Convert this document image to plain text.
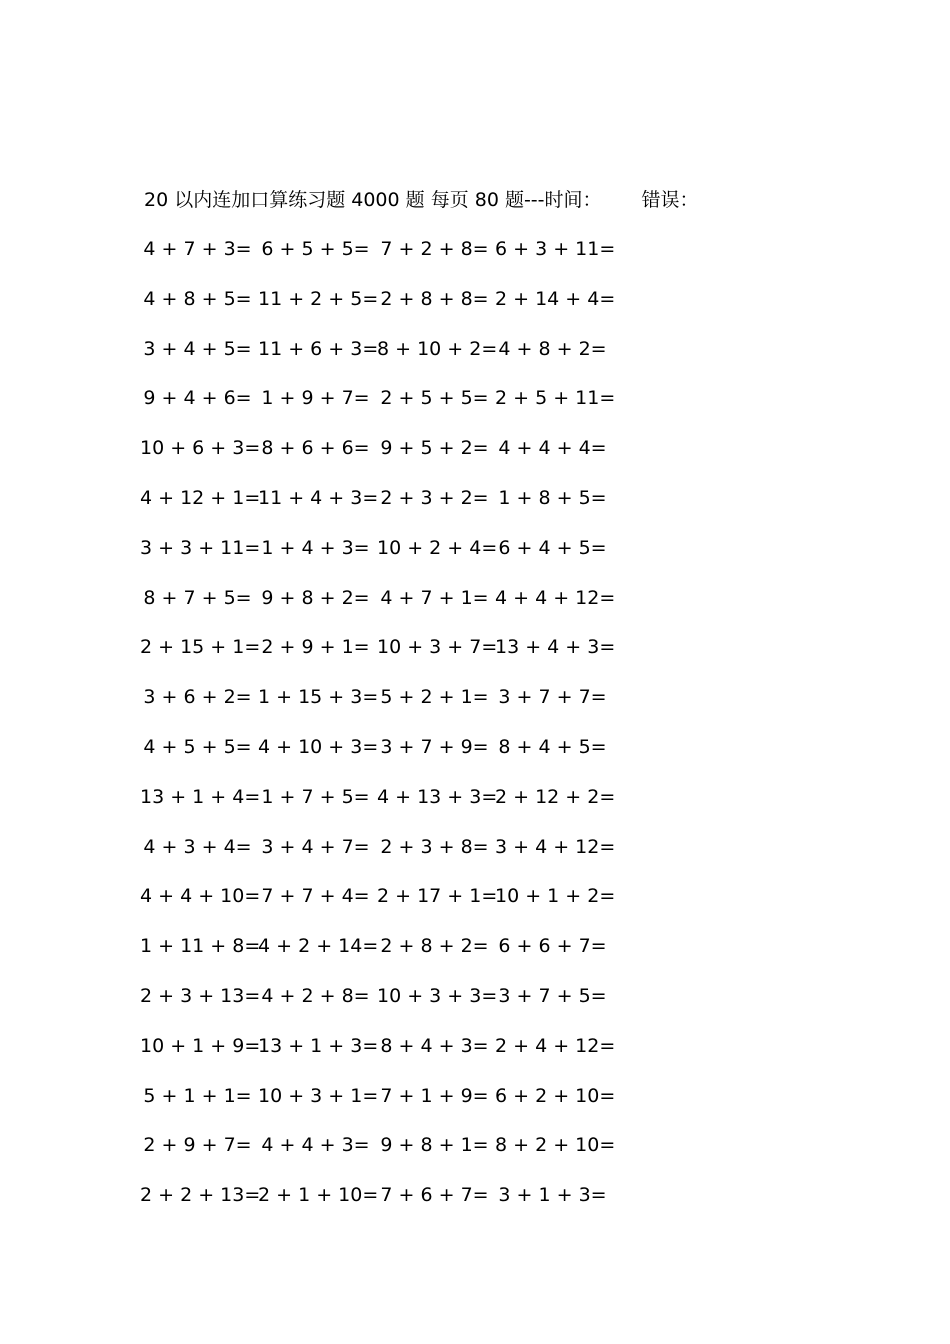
20 以内连加口算练习题 4000 题 每页 80 题---时间： 错误：
4 + 7 + 3= 6 + 5 + 5= 7 + 2 + 8= 6 + 3 + 11=
4 + 8 + 5= 11 + 2 + 5= 2 + 8 + 8= 2 + 14 + 4=
3 + 4 + 5= 11 + 6 + 3=
8 + 10 + 2= 4 + 8 + 2=
9 + 4 + 6= 1 + 9 + 7= 2 + 5 + 5= 2 + 5 + 11=
10 + 6 + 3= 8 + 6 + 6= 9 + 5 + 2= 4 + 4 + 4=
4 + 12 + 1=
11 + 4 + 3= 2 + 3 + 2= 1 + 8 + 5=
3 + 3 + 11= 1 + 4 + 3= 10 + 2 + 4= 6 + 4 + 5=
8 + 7 + 5= 9 + 8 + 2= 4 + 7 + 1= 4 + 4 + 12=
2 + 15 + 1= 2 + 9 + 1= 10 + 3 + 7=
13 + 4 + 3=
3 + 6 + 2= 1 + 15 + 3= 5 + 2 + 1= 3 + 7 + 7=
4 + 5 + 5= 4 + 10 + 3= 3 + 7 + 9= 8 + 4 + 5=
13 + 1 + 4= 1 + 7 + 5= 4 + 13 + 3=
2 + 12 + 2=
4 + 3 + 4= 3 + 4 + 7= 2 + 3 + 8= 3 + 4 + 12=
4 + 4 + 10= 7 + 7 + 4= 2 + 17 + 1=
10 + 1 + 2=
1 + 11 + 8=
4 + 2 + 14= 2 + 8 + 2= 6 + 6 + 7=
2 + 3 + 13= 4 + 2 + 8= 10 + 3 + 3= 3 + 7 + 5=
10 + 1 + 9=
13 + 1 + 3= 8 + 4 + 3= 2 + 4 + 12=
5 + 1 + 1= 10 + 3 + 1= 7 + 1 + 9= 6 + 2 + 10=
2 + 9 + 7= 4 + 4 + 3= 9 + 8 + 1= 8 + 2 + 10=
2 + 2 + 13=
2 + 1 + 10= 7 + 6 + 7= 3 + 1 + 3=
